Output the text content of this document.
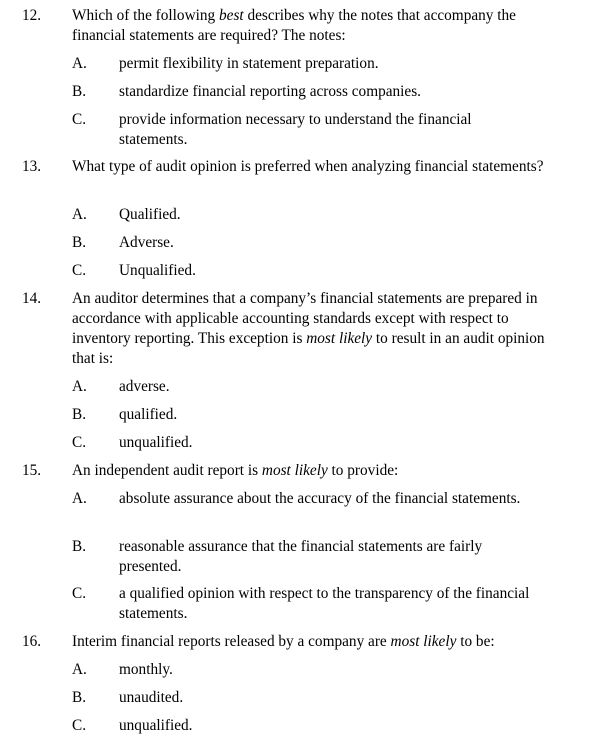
12. Which of the following best describes why the notes that accompany the financial statements are required? The notes:
A. permit flexibility in statement preparation.
B. standardize financial reporting across companies.
C. provide information necessary to understand the financial statements.
13. What type of audit opinion is preferred when analyzing financial statements?
A. Qualified.
B. Adverse.
C. Unqualified.
14. An auditor determines that a company’s financial statements are prepared in accordance with applicable accounting standards except with respect to inventory reporting. This exception is most likely to result in an audit opinion that is:
A. adverse.
B. qualified.
C. unqualified.
15. An independent audit report is most likely to provide:
A. absolute assurance about the accuracy of the financial statements.
B. reasonable assurance that the financial statements are fairly presented.
C. a qualified opinion with respect to the transparency of the financial statements.
16. Interim financial reports released by a company are most likely to be:
A. monthly.
B. unaudited.
C. unqualified.
